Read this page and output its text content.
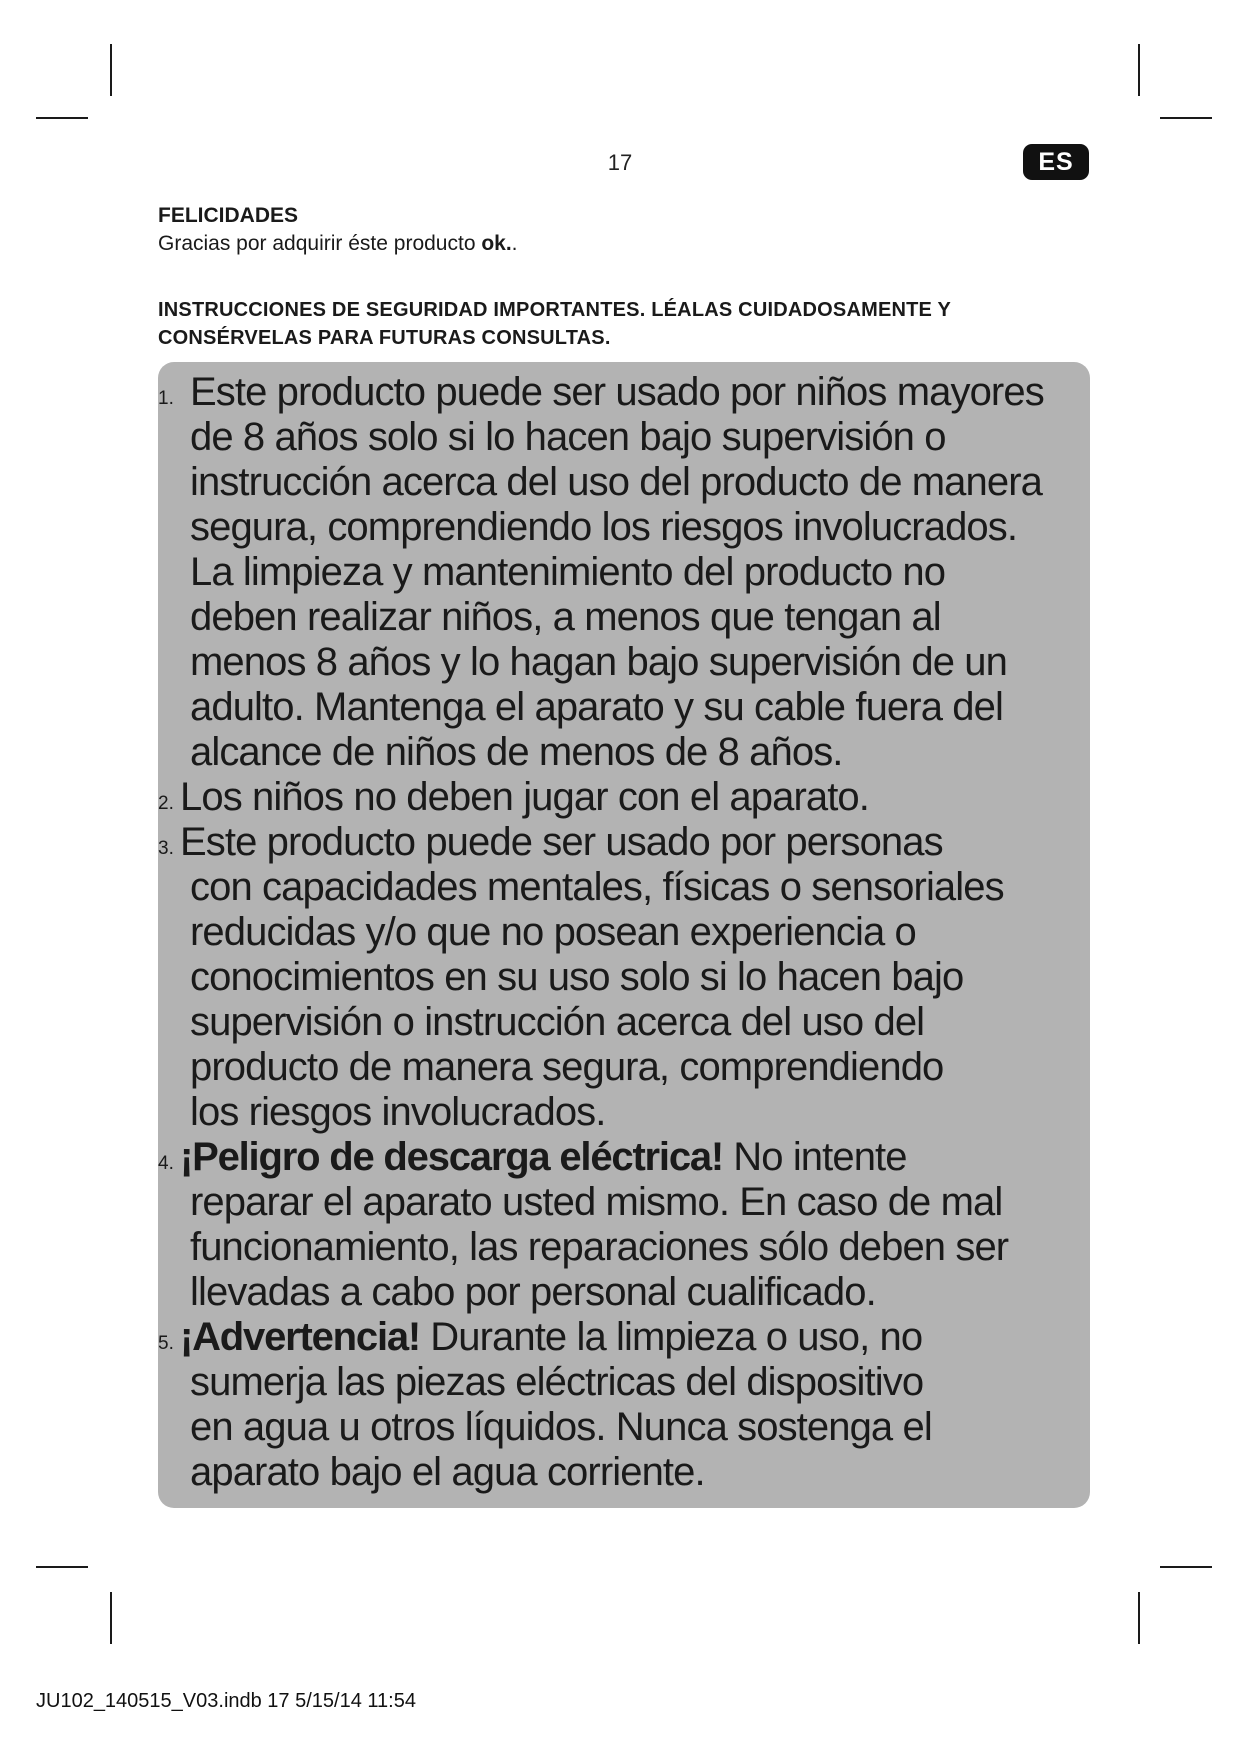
17	ES
FELICIDADES
Gracias por adquirir éste producto ok..
INSTRUCCIONES DE SEGURIDAD IMPORTANTES. LÉALAS CUIDADOSAMENTE Y
CONSÉRVELAS PARA FUTURAS CONSULTAS.
1. Este producto puede ser usado por niños mayores
de 8 años solo si lo hacen bajo supervisión o
instrucción acerca del uso del producto de manera
segura, comprendiendo los riesgos involucrados.
La limpieza y mantenimiento del producto no
deben realizar niños, a menos que tengan al
menos 8 años y lo hagan bajo supervisión de un
adulto. Mantenga el aparato y su cable fuera del
alcance de niños de menos de 8 años.
2. Los niños no deben jugar con el aparato.
3. Este producto puede ser usado por personas
con capacidades mentales, físicas o sensoriales
reducidas y/o que no posean experiencia o
conocimientos en su uso solo si lo hacen bajo
supervisión o instrucción acerca del uso del
producto de manera segura, comprendiendo
los riesgos involucrados.
4. ¡Peligro de descarga eléctrica! No intente
reparar el aparato usted mismo. En caso de mal
funcionamiento, las reparaciones sólo deben ser
llevadas a cabo por personal cualificado.
5. ¡Advertencia! Durante la limpieza o uso, no
sumerja las piezas eléctricas del dispositivo
en agua u otros líquidos. Nunca sostenga el
aparato bajo el agua corriente.
JU102_140515_V03.indb 17 5/15/14 11:54
